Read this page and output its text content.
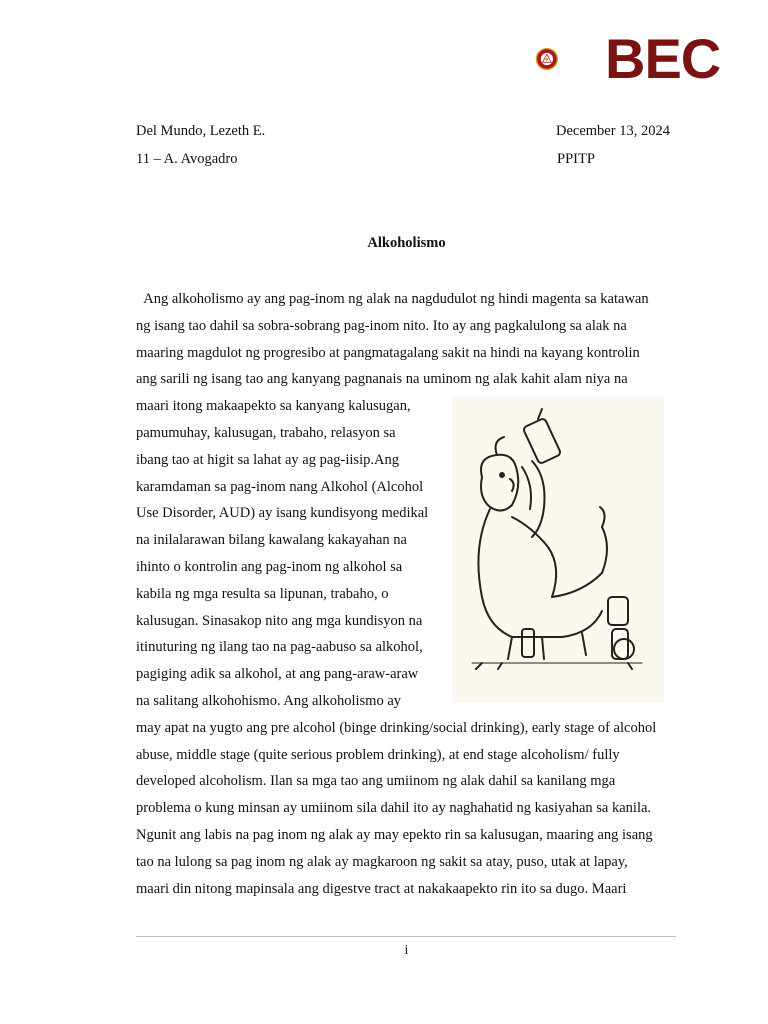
BEC
Del Mundo, Lezeth E.	December 13, 2024
11 – A. Avogadro	PPITP
Alkoholismo
Ang alkoholismo ay ang pag-inom ng alak na nagdudulot ng hindi magenta sa katawan
ng isang tao dahil sa sobra-sobrang pag-inom nito. Ito ay ang pagkalulong sa alak na
maaring magdulot ng progresibo at pangmatagalang sakit na hindi na kayang kontrolin
ang sarili ng isang tao ang kanyang pagnanais na uminom ng alak kahit alam niya na
maari itong makaapekto sa kanyang kalusugan,
pamumuhay, kalusugan, trabaho, relasyon sa
ibang tao at higit sa lahat ay ag pag-iisip.Ang
karamdaman sa pag-inom nang Alkohol (Alcohol
Use Disorder, AUD) ay isang kundisyong medikal
na inilalarawan bilang kawalang kakayahan na
ihinto o kontrolin ang pag-inom ng alkohol sa
kabila ng mga resulta sa lipunan, trabaho, o
kalusugan. Sinasakop nito ang mga kundisyon na
itinuturing ng ilang tao na pag-aabuso sa alkohol,
pagiging adik sa alkohol, at ang pang-araw-araw
na salitang alkohohismo. Ang alkoholismo ay
may apat na yugto ang pre alcohol (binge drinking/social drinking), early stage of alcohol
abuse, middle stage (quite serious problem drinking), at end stage alcoholism/ fully
developed alcoholism. Ilan sa mga tao ang umiinom ng alak dahil sa kanilang mga
problema o kung minsan ay umiinom sila dahil ito ay naghahatid ng kasiyahan sa kanila.
Ngunit ang labis na pag inom ng alak ay may epekto rin sa kalusugan, maaring ang isang
tao na lulong sa pag inom ng alak ay magkaroon ng sakit sa atay, puso, utak at lapay,
maari din nitong mapinsala ang digestve tract at nakakaapekto rin ito sa dugo. Maari
i
